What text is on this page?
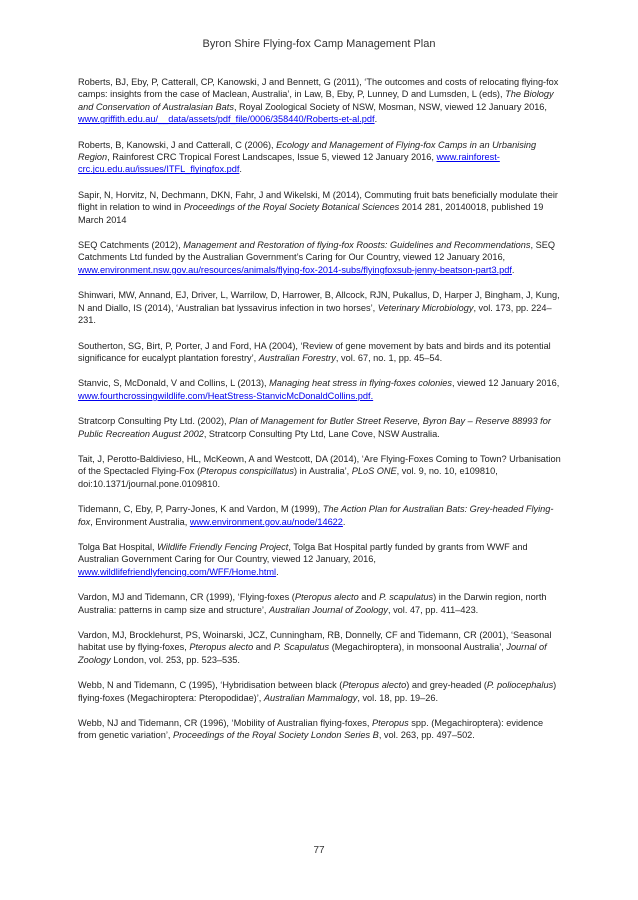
Byron Shire Flying-fox Camp Management Plan

Roberts, BJ, Eby, P, Catterall, CP, Kanowski, J and Bennett, G (2011), ‘The outcomes and costs of relocating flying-fox camps: insights from the case of Maclean, Australia’, in Law, B, Eby, P, Lunney, D and Lumsden, L (eds), The Biology and Conservation of Australasian Bats, Royal Zoological Society of NSW, Mosman, NSW, viewed 12 January 2016, www.griffith.edu.au/__data/assets/pdf_file/0006/358440/Roberts-et-al.pdf.

Roberts, B, Kanowski, J and Catterall, C (2006), Ecology and Management of Flying-fox Camps in an Urbanising Region, Rainforest CRC Tropical Forest Landscapes, Issue 5, viewed 12 January 2016, www.rainforest-crc.jcu.edu.au/issues/ITFL_flyingfox.pdf.

Sapir, N, Horvitz, N, Dechmann, DKN, Fahr, J and Wikelski, M (2014), Commuting fruit bats beneficially modulate their flight in relation to wind in Proceedings of the Royal Society Botanical Sciences 2014 281, 20140018, published 19 March 2014

SEQ Catchments (2012), Management and Restoration of flying-fox Roosts: Guidelines and Recommendations, SEQ Catchments Ltd funded by the Australian Government’s Caring for Our Country, viewed 12 January 2016, www.environment.nsw.gov.au/resources/animals/flying-fox-2014-subs/flyingfoxsub-jenny-beatson-part3.pdf.

Shinwari, MW, Annand, EJ, Driver, L, Warrilow, D, Harrower, B, Allcock, RJN, Pukallus, D, Harper J, Bingham, J, Kung, N and Diallo, IS (2014), ‘Australian bat lyssavirus infection in two horses’, Veterinary Microbiology, vol. 173, pp. 224–231.

Southerton, SG, Birt, P, Porter, J and Ford, HA (2004), ‘Review of gene movement by bats and birds and its potential significance for eucalypt plantation forestry’, Australian Forestry, vol. 67, no. 1, pp. 45–54.

Stanvic, S, McDonald, V and Collins, L (2013), Managing heat stress in flying-foxes colonies, viewed 12 January 2016, www.fourthcrossingwildlife.com/HeatStress-StanvicMcDonaldCollins.pdf.

Stratcorp Consulting Pty Ltd. (2002), Plan of Management for Butler Street Reserve, Byron Bay – Reserve 88993 for Public Recreation August 2002, Stratcorp Consulting Pty Ltd, Lane Cove, NSW Australia.

Tait, J, Perotto-Baldivieso, HL, McKeown, A and Westcott, DA (2014), ‘Are Flying-Foxes Coming to Town? Urbanisation of the Spectacled Flying-Fox (Pteropus conspicillatus) in Australia’, PLoS ONE, vol. 9, no. 10, e109810, doi:10.1371/journal.pone.0109810.

Tidemann, C, Eby, P, Parry-Jones, K and Vardon, M (1999), The Action Plan for Australian Bats: Grey-headed Flying-fox, Environment Australia, www.environment.gov.au/node/14622.

Tolga Bat Hospital, Wildlife Friendly Fencing Project, Tolga Bat Hospital partly funded by grants from WWF and Australian Government Caring for Our Country, viewed 12 January, 2016, www.wildlifefriendlyfencing.com/WFF/Home.html.

Vardon, MJ and Tidemann, CR (1999), ‘Flying-foxes (Pteropus alecto and P. scapulatus) in the Darwin region, north Australia: patterns in camp size and structure’, Australian Journal of Zoology, vol. 47, pp. 411–423.

Vardon, MJ, Brocklehurst, PS, Woinarski, JCZ, Cunningham, RB, Donnelly, CF and Tidemann, CR (2001), ‘Seasonal habitat use by flying-foxes, Pteropus alecto and P. Scapulatus (Megachiroptera), in monsoonal Australia’, Journal of Zoology London, vol. 253, pp. 523–535.

Webb, N and Tidemann, C (1995), ‘Hybridisation between black (Pteropus alecto) and grey-headed (P. poliocephalus) flying-foxes (Megachiroptera: Pteropodidae)’, Australian Mammalogy, vol. 18, pp. 19–26.

Webb, NJ and Tidemann, CR (1996), ‘Mobility of Australian flying-foxes, Pteropus spp. (Megachiroptera): evidence from genetic variation’, Proceedings of the Royal Society London Series B, vol. 263, pp. 497–502.

77
